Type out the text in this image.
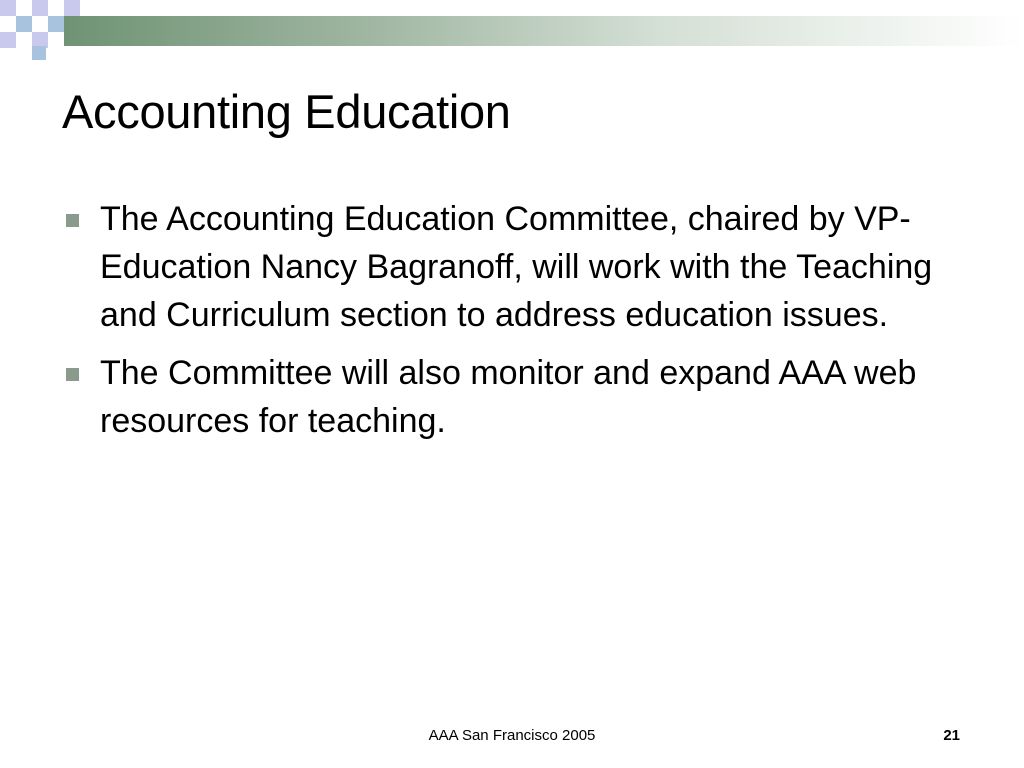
Accounting Education
The Accounting Education Committee, chaired by VP-Education Nancy Bagranoff, will work with the Teaching and Curriculum section to address education issues.
The Committee will also monitor and expand AAA web resources for teaching.
AAA San Francisco 2005	21
